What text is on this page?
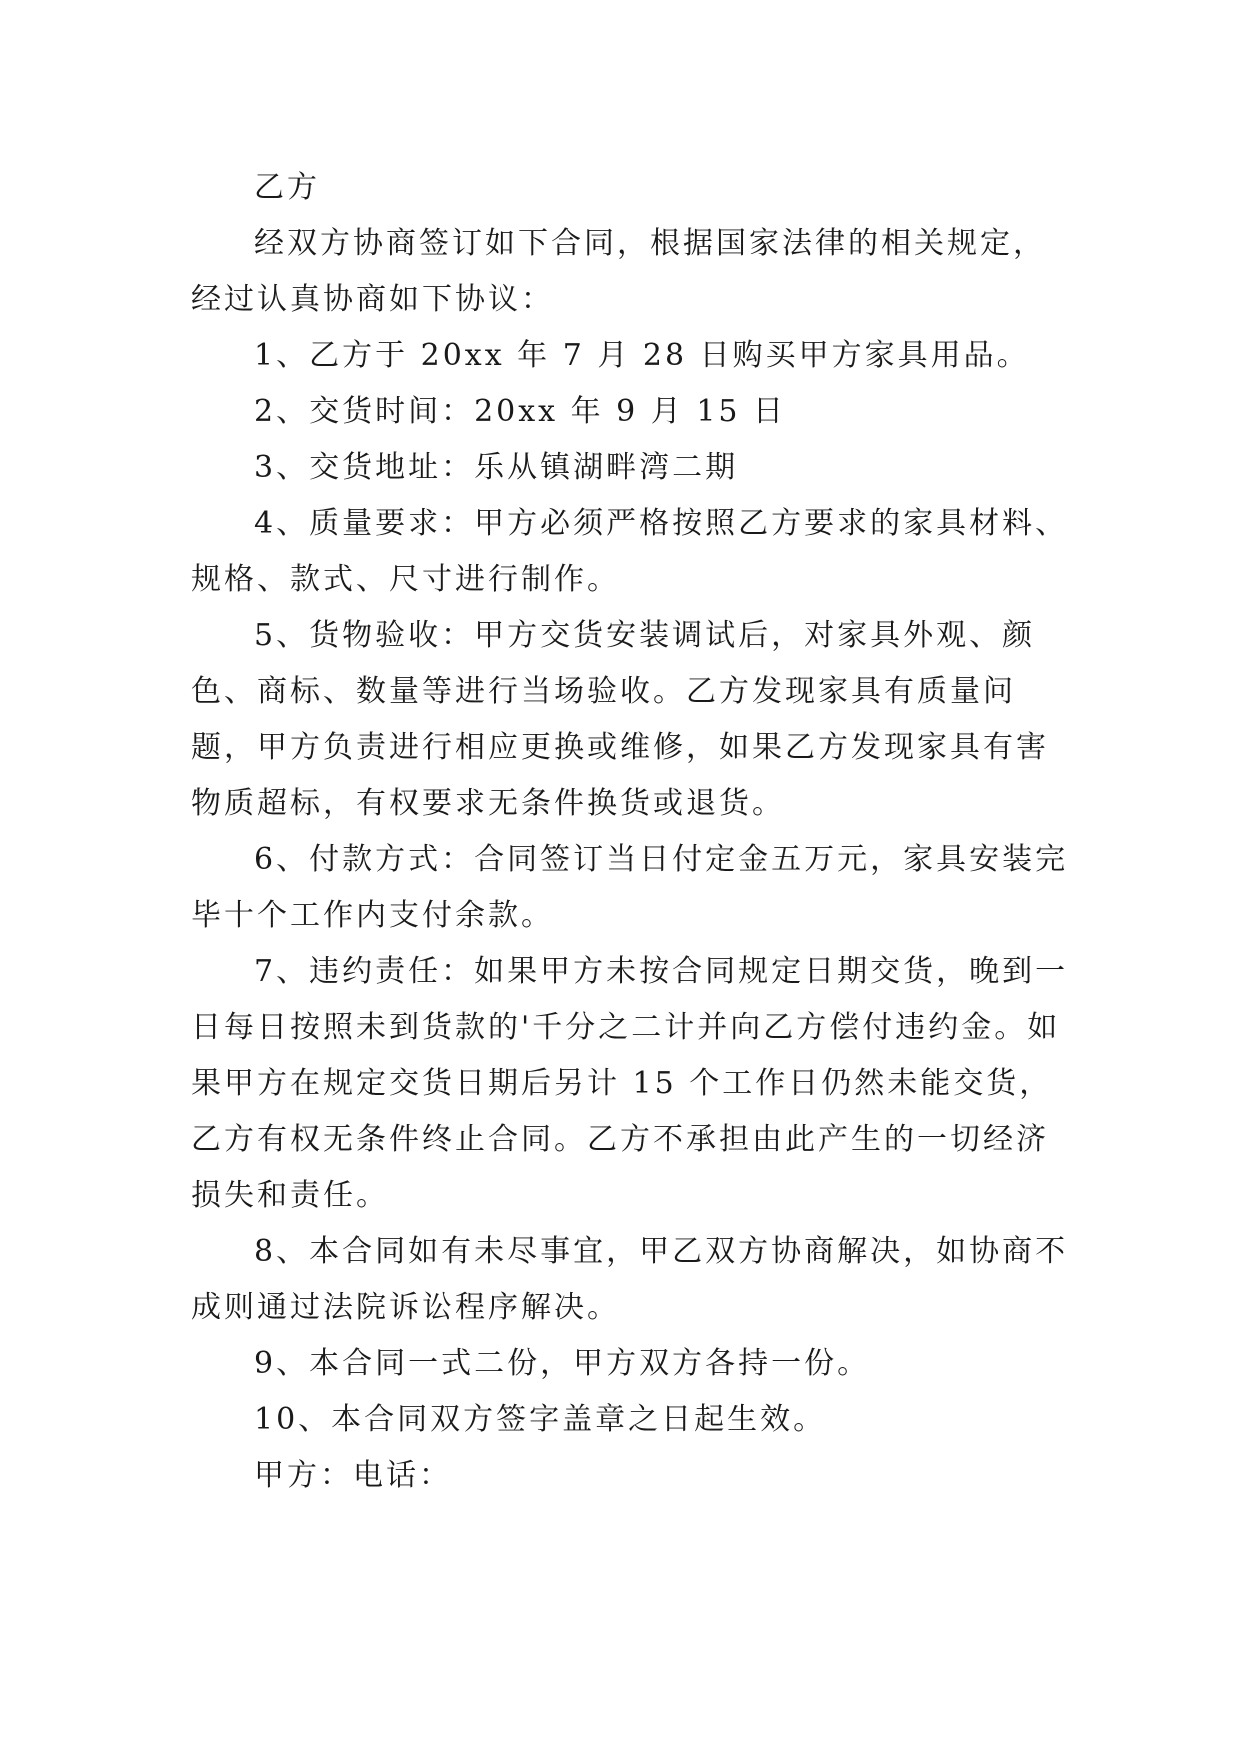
乙方

经双方协商签订如下合同，根据国家法律的相关规定，经过认真协商如下协议：

1、乙方于 20xx 年 7 月 28 日购买甲方家具用品。

2、交货时间：20xx 年 9 月 15 日

3、交货地址：乐从镇湖畔湾二期

4、质量要求：甲方必须严格按照乙方要求的家具材料、规格、款式、尺寸进行制作。

5、货物验收：甲方交货安装调试后，对家具外观、颜色、商标、数量等进行当场验收。乙方发现家具有质量问题，甲方负责进行相应更换或维修，如果乙方发现家具有害物质超标，有权要求无条件换货或退货。

6、付款方式：合同签订当日付定金五万元，家具安装完毕十个工作内支付余款。

7、违约责任：如果甲方未按合同规定日期交货，晚到一日每日按照未到货款的'千分之二计并向乙方偿付违约金。如果甲方在规定交货日期后另计 15 个工作日仍然未能交货，乙方有权无条件终止合同。乙方不承担由此产生的一切经济损失和责任。

8、本合同如有未尽事宜，甲乙双方协商解决，如协商不成则通过法院诉讼程序解决。

9、本合同一式二份，甲方双方各持一份。

10、本合同双方签字盖章之日起生效。

甲方：电话：
